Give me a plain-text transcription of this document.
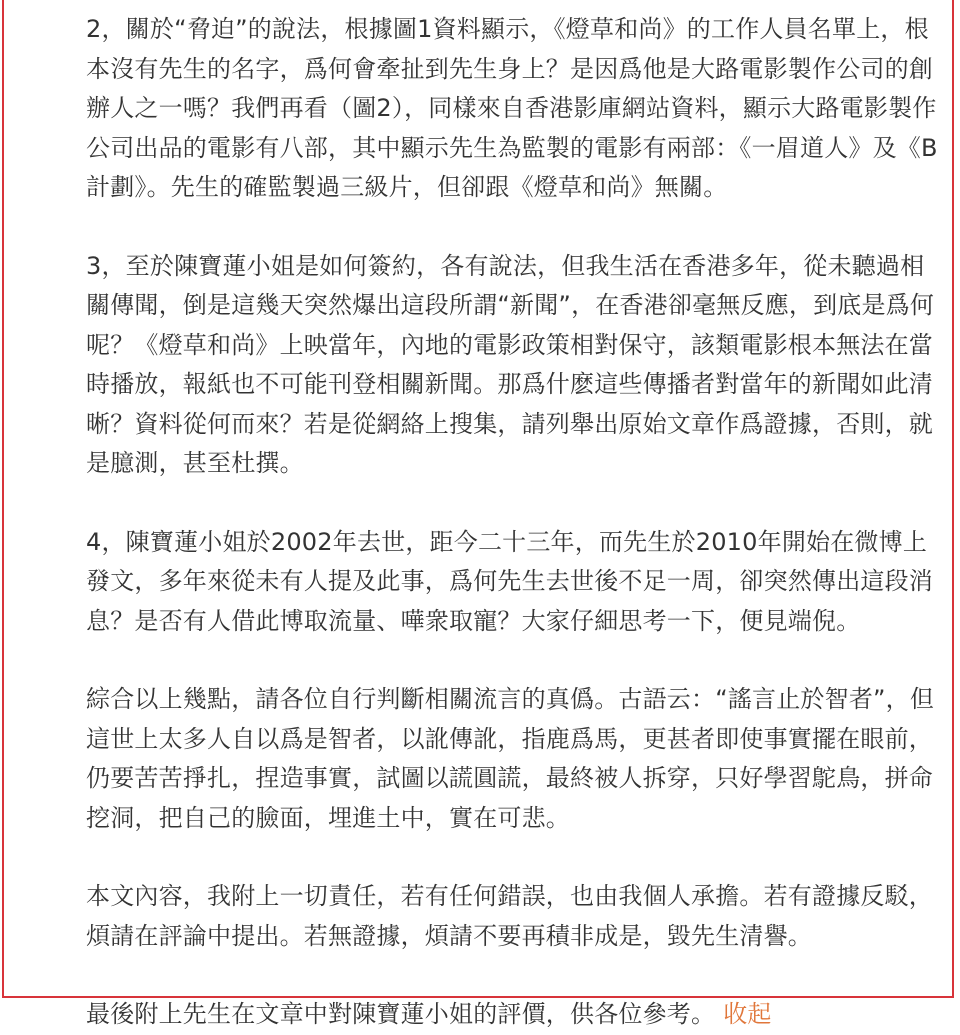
2，關於“脅迫”的說法，根據圖1資料顯示，《燈草和尚》的工作人員名單上，根本沒有先生的名字，爲何會牽扯到先生身上？是因爲他是大路電影製作公司的創辦人之一嗎？我們再看（圖2），同樣來自香港影庫網站資料，顯示大路電影製作公司出品的電影有八部，其中顯示先生為監製的電影有兩部：《一眉道人》及《B計劃》。先生的確監製過三級片，但卻跟《燈草和尚》無關。

3，至於陳寶蓮小姐是如何簽約，各有說法，但我生活在香港多年，從未聽過相關傳聞，倒是這幾天突然爆出這段所謂“新聞”，在香港卻毫無反應，到底是爲何呢？《燈草和尚》上映當年，內地的電影政策相對保守，該類電影根本無法在當時播放，報紙也不可能刊登相關新聞。那爲什麽這些傳播者對當年的新聞如此清晰？資料從何而來？若是從網絡上搜集，請列舉出原始文章作爲證據，否則，就是臆測，甚至杜撰。

4，陳寶蓮小姐於2002年去世，距今二十三年，而先生於2010年開始在微博上發文，多年來從未有人提及此事，爲何先生去世後不足一周，卻突然傳出這段消息？是否有人借此博取流量、嘩衆取寵？大家仔細思考一下，便見端倪。

綜合以上幾點，請各位自行判斷相關流言的真僞。古語云：“謠言止於智者”，但這世上太多人自以爲是智者，以訛傳訛，指鹿爲馬，更甚者即使事實擺在眼前，仍要苦苦掙扎，捏造事實，試圖以謊圓謊，最終被人拆穿，只好學習鴕鳥，拼命挖洞，把自己的臉面，埋進土中，實在可悲。

本文內容，我附上一切責任，若有任何錯誤，也由我個人承擔。若有證據反駁，煩請在評論中提出。若無證據，煩請不要再積非成是，毀先生清譽。

最後附上先生在文章中對陳寶蓮小姐的評價，供各位參考。 收起
